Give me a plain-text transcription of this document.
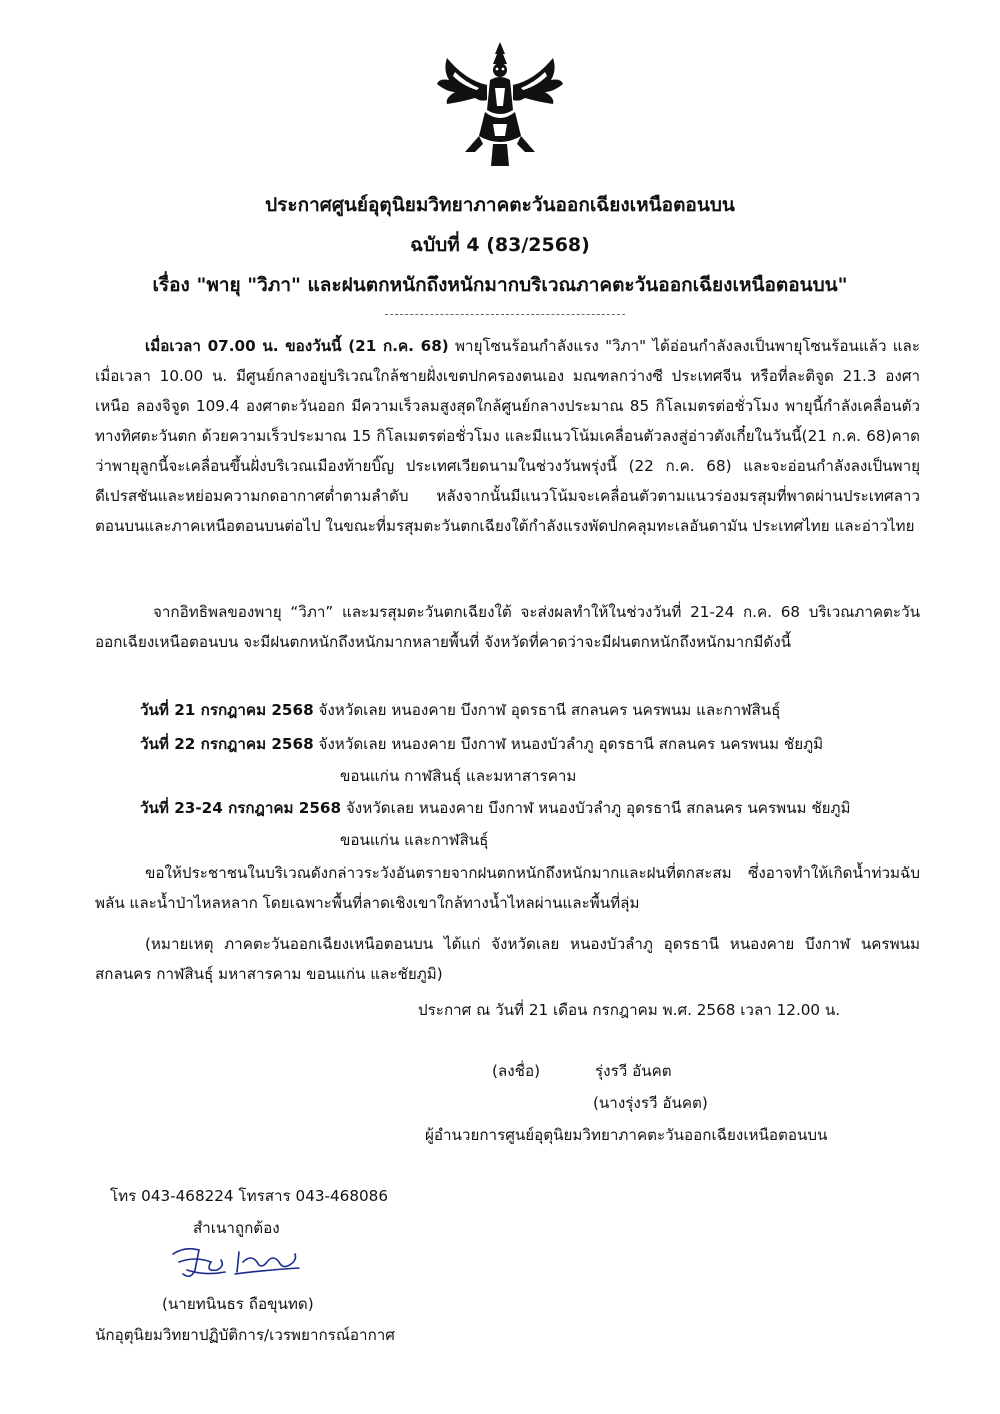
ประกาศศูนย์อุตุนิยมวิทยาภาคตะวันออกเฉียงเหนือตอนบน
ฉบับที่ 4 (83/2568)
เรื่อง "พายุ "วิภา" และฝนตกหนักถึงหนักมากบริเวณภาคตะวันออกเฉียงเหนือตอนบน"
เมื่อเวลา 07.00 น. ของวันนี้ (21 ก.ค. 68) พายุโซนร้อนกำลังแรง "วิภา" ได้อ่อนกำลังลงเป็นพายุโซนร้อนแล้ว และเมื่อเวลา 10.00 น. มีศูนย์กลางอยู่บริเวณใกล้ชายฝั่งเขตปกครองตนเอง มณฑลกว่างซี ประเทศจีน หรือที่ละติจูด 21.3 องศาเหนือ ลองจิจูด 109.4 องศาตะวันออก มีความเร็วลมสูงสุดใกล้ศูนย์กลางประมาณ 85 กิโลเมตรต่อชั่วโมง พายุนี้กำลังเคลื่อนตัวทางทิศตะวันตก ด้วยความเร็วประมาณ 15 กิโลเมตรต่อชั่วโมง และมีแนวโน้มเคลื่อนตัวลงสู่อ่าวตังเกี๋ยในวันนี้(21 ก.ค. 68)คาดว่าพายุลูกนี้จะเคลื่อนขึ้นฝั่งบริเวณเมืองท้ายบิ๊ญ ประเทศเวียดนามในช่วงวันพรุ่งนี้ (22 ก.ค. 68) และจะอ่อนกำลังลงเป็นพายุดีเปรสชันและหย่อมความกดอากาศต่ำตามลำดับ หลังจากนั้นมีแนวโน้มจะเคลื่อนตัวตามแนวร่องมรสุมที่พาดผ่านประเทศลาวตอนบนและภาคเหนือตอนบนต่อไป ในขณะที่มรสุมตะวันตกเฉียงใต้กำลังแรงพัดปกคลุมทะเลอันดามัน ประเทศไทย และอ่าวไทย
จากอิทธิพลของพายุ “วิภา” และมรสุมตะวันตกเฉียงใต้ จะส่งผลทำให้ในช่วงวันที่ 21-24 ก.ค. 68 บริเวณภาคตะวันออกเฉียงเหนือตอนบน จะมีฝนตกหนักถึงหนักมากหลายพื้นที่ จังหวัดที่คาดว่าจะมีฝนตกหนักถึงหนักมากมีดังนี้
วันที่ 21 กรกฎาคม 2568 จังหวัดเลย หนองคาย บึงกาฬ อุดรธานี สกลนคร นครพนม และกาฬสินธุ์
วันที่ 22 กรกฎาคม 2568 จังหวัดเลย หนองคาย บึงกาฬ หนองบัวลำภู อุดรธานี สกลนคร นครพนม ชัยภูมิ
ขอนแก่น กาฬสินธุ์ และมหาสารคาม
วันที่ 23-24 กรกฎาคม 2568 จังหวัดเลย หนองคาย บึงกาฬ หนองบัวลำภู อุดรธานี สกลนคร นครพนม ชัยภูมิ
ขอนแก่น และกาฬสินธุ์
ขอให้ประชาชนในบริเวณดังกล่าวระวังอันตรายจากฝนตกหนักถึงหนักมากและฝนที่ตกสะสม ซึ่งอาจทำให้เกิดน้ำท่วมฉับพลัน และน้ำป่าไหลหลาก โดยเฉพาะพื้นที่ลาดเชิงเขาใกล้ทางน้ำไหลผ่านและพื้นที่ลุ่ม
(หมายเหตุ ภาคตะวันออกเฉียงเหนือตอนบน ได้แก่ จังหวัดเลย หนองบัวลำภู อุดรธานี หนองคาย บึงกาฬ นครพนม สกลนคร กาฬสินธุ์ มหาสารคาม ขอนแก่น และชัยภูมิ)
ประกาศ ณ วันที่ 21 เดือน กรกฎาคม พ.ศ. 2568 เวลา 12.00 น.
(ลงชื่อ)	รุ่งรวี อันคต
(นางรุ่งรวี อันคต)
ผู้อำนวยการศูนย์อุตุนิยมวิทยาภาคตะวันออกเฉียงเหนือตอนบน
โทร 043-468224 โทรสาร 043-468086
สำเนาถูกต้อง
(นายทนินธร ถือขุนทด)
นักอุตุนิยมวิทยาปฏิบัติการ/เวรพยากรณ์อากาศ
